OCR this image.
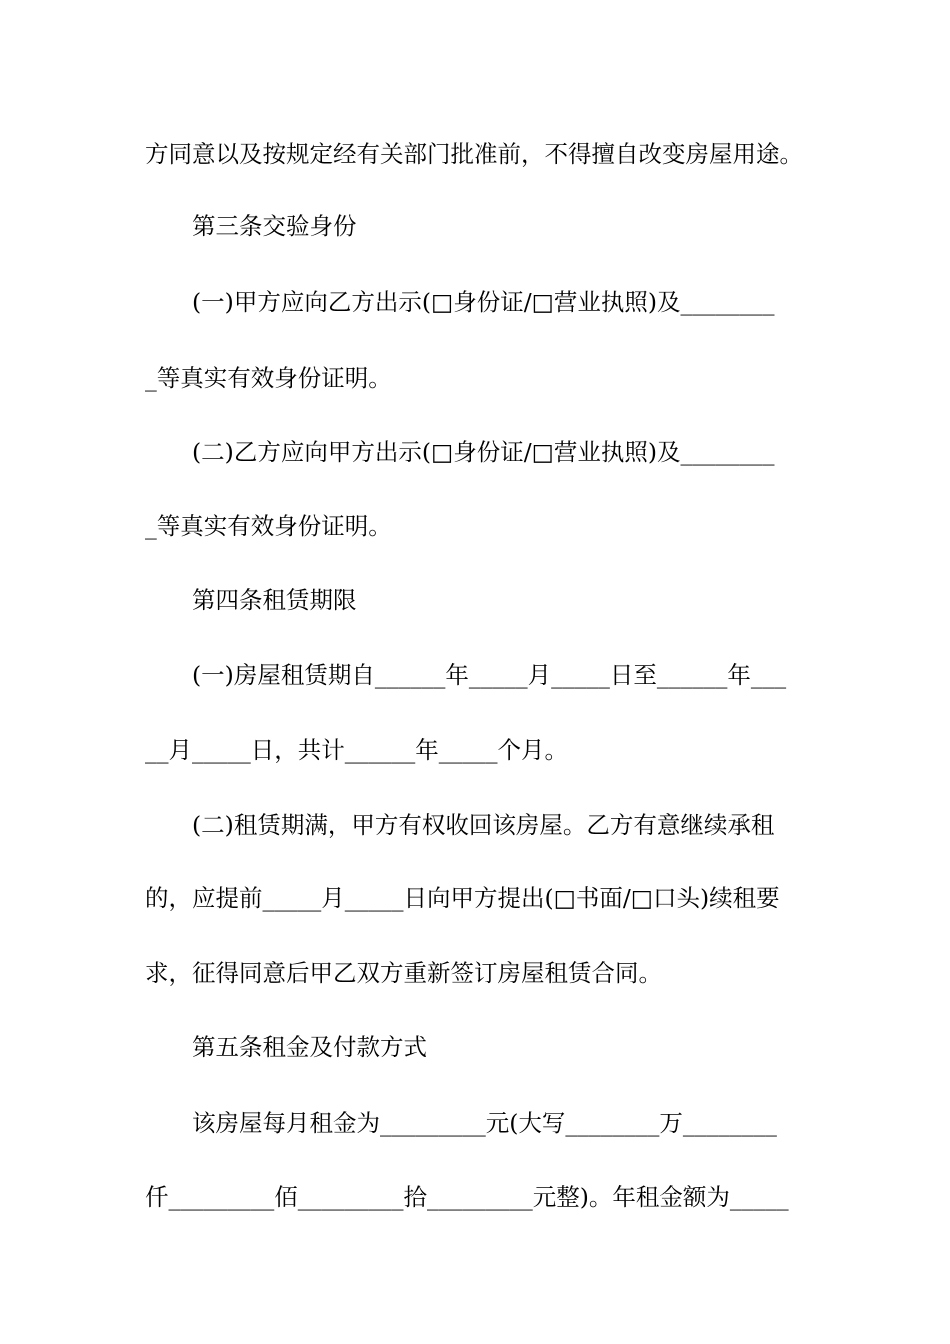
方同意以及按规定经有关部门批准前，不得擅自改变房屋用途。
第三条交验身份
(一)甲方应向乙方出示(□身份证/□营业执照)及________
_等真实有效身份证明。
(二)乙方应向甲方出示(□身份证/□营业执照)及________
_等真实有效身份证明。
第四条租赁期限
(一)房屋租赁期自______年_____月_____日至______年___
__月_____日，共计______年_____个月。
(二)租赁期满，甲方有权收回该房屋。乙方有意继续承租
的，应提前_____月_____日向甲方提出(□书面/□口头)续租要
求，征得同意后甲乙双方重新签订房屋租赁合同。
第五条租金及付款方式
该房屋每月租金为_________元(大写________万________
仟_________佰_________拾_________元整)。年租金额为_____
